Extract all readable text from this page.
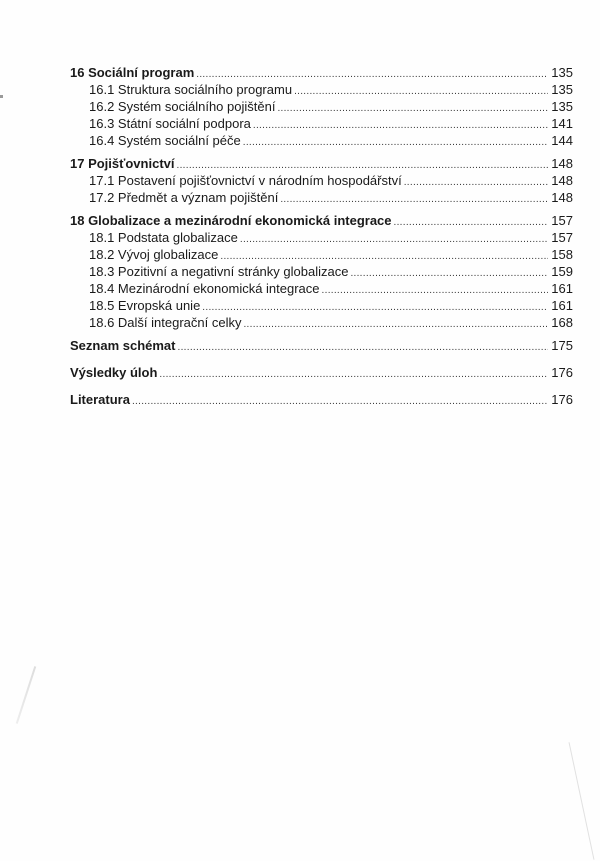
16 Sociální program .....	135
16.1 Struktura sociálního programu .....	135
16.2 Systém sociálního pojištění .....	135
16.3 Státní sociální podpora .....	141
16.4 Systém sociální péče .....	144
17 Pojišťovnictví .....	148
17.1 Postavení pojišťovnictví v národním hospodářství .....	148
17.2 Předmět a význam pojištění .....	148
18 Globalizace a mezinárodní ekonomická integrace .....	157
18.1 Podstata globalizace .....	157
18.2 Vývoj globalizace .....	158
18.3 Pozitivní a negativní stránky globalizace .....	159
18.4 Mezinárodní ekonomická integrace .....	161
18.5 Evropská unie .....	161
18.6 Další integrační celky .....	168
Seznam schémat .....	175
Výsledky úloh .....	176
Literatura .....	176
